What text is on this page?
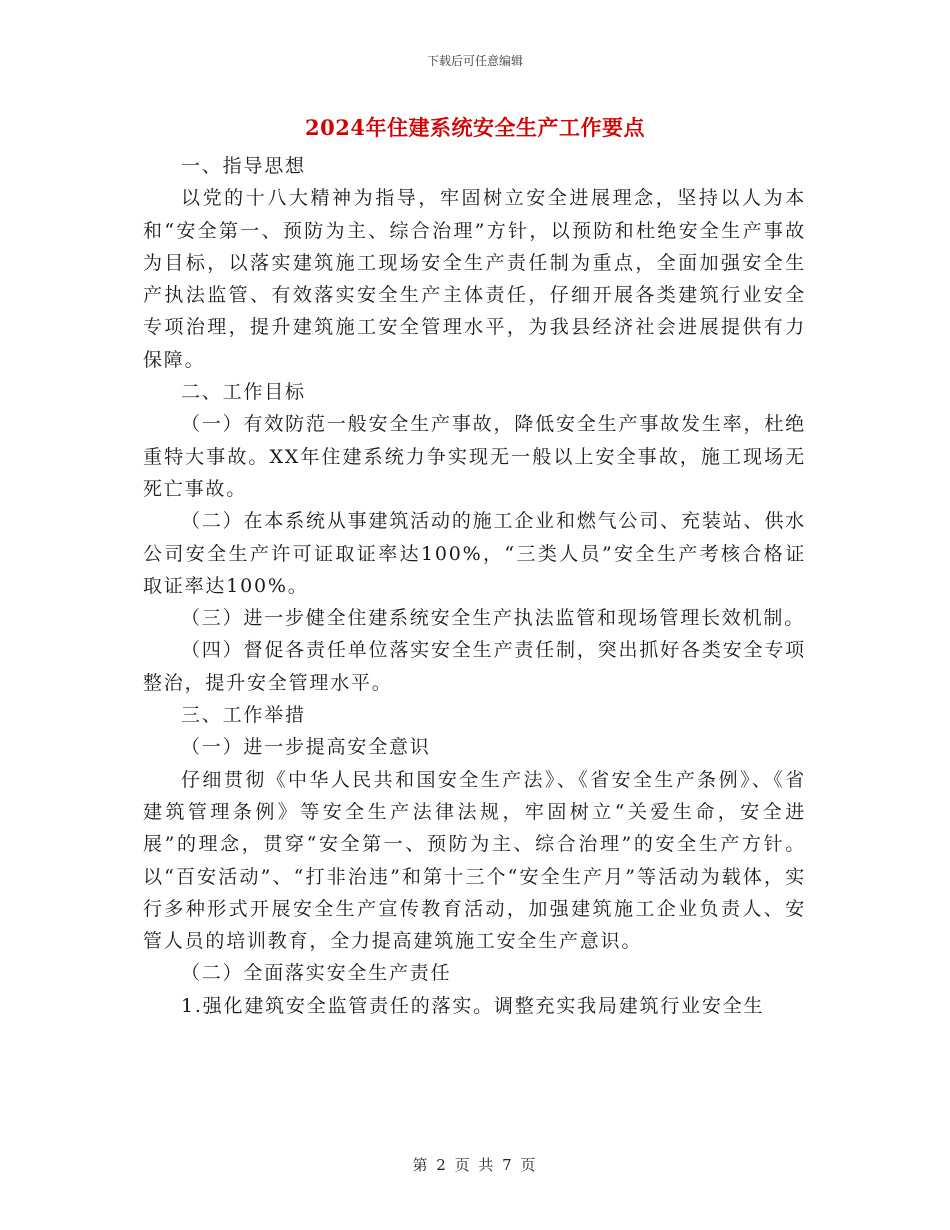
下载后可任意编辑
2024年住建系统安全生产工作要点

一、指导思想

以党的十八大精神为指导，牢固树立安全进展理念，坚持以人为本和“安全第一、预防为主、综合治理”方针，以预防和杜绝安全生产事故为目标，以落实建筑施工现场安全生产责任制为重点，全面加强安全生产执法监管、有效落实安全生产主体责任，仔细开展各类建筑行业安全专项治理，提升建筑施工安全管理水平，为我县经济社会进展提供有力保障。

二、工作目标

（一）有效防范一般安全生产事故，降低安全生产事故发生率，杜绝重特大事故。XX年住建系统力争实现无一般以上安全事故，施工现场无死亡事故。

（二）在本系统从事建筑活动的施工企业和燃气公司、充装站、供水公司安全生产许可证取证率达100%，“三类人员”安全生产考核合格证取证率达100%。

（三）进一步健全住建系统安全生产执法监管和现场管理长效机制。

（四）督促各责任单位落实安全生产责任制，突出抓好各类安全专项整治，提升安全管理水平。

三、工作举措

（一）进一步提高安全意识

仔细贯彻《中华人民共和国安全生产法》、《省安全生产条例》、《省建筑管理条例》等安全生产法律法规，牢固树立“关爱生命，安全进展”的理念，贯穿“安全第一、预防为主、综合治理”的安全生产方针。以“百安活动”、“打非治违”和第十三个“安全生产月”等活动为载体，实行多种形式开展安全生产宣传教育活动，加强建筑施工企业负责人、安管人员的培训教育，全力提高建筑施工安全生产意识。

（二）全面落实安全生产责任

1.强化建筑安全监管责任的落实。调整充实我局建筑行业安全生

第 2 页 共 7 页
